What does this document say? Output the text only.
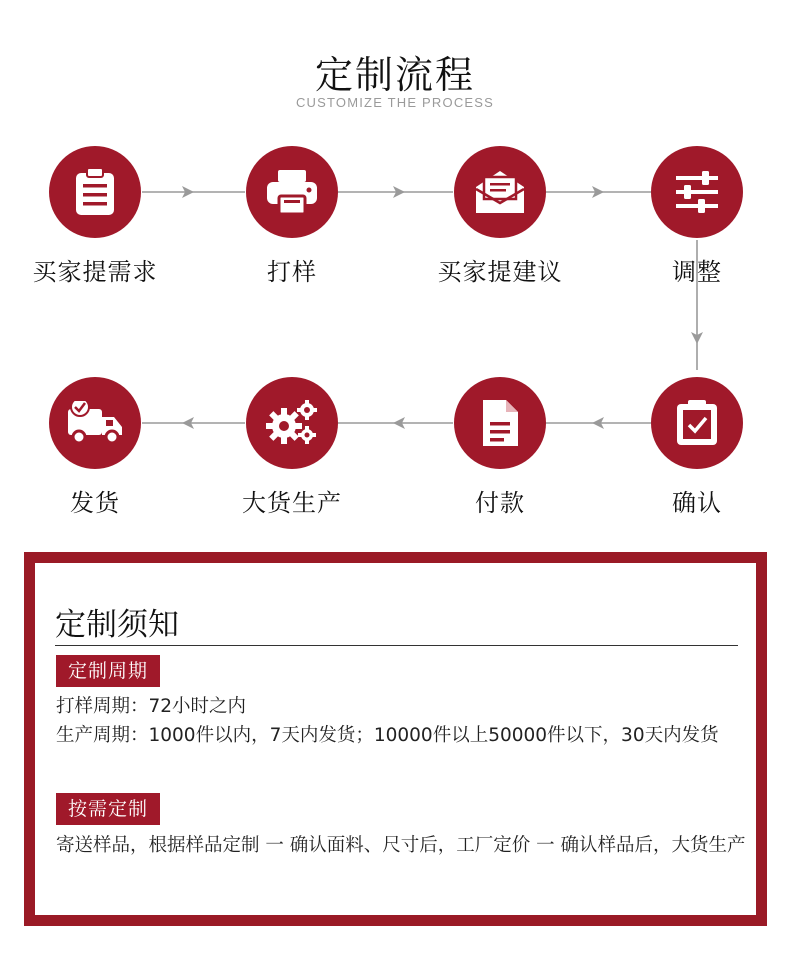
定制流程
CUSTOMIZE THE PROCESS
买家提需求	打样	买家提建议	调整
确认
付款
大货生产
发货
定制须知
定制周期
打样周期：72小时之内
生产周期：1000件以内，7天内发货；10000件以上50000件以下，30天内发货
按需定制
寄送样品，根据样品定制 一 确认面料、尺寸后，工厂定价 一 确认样品后，大货生产
